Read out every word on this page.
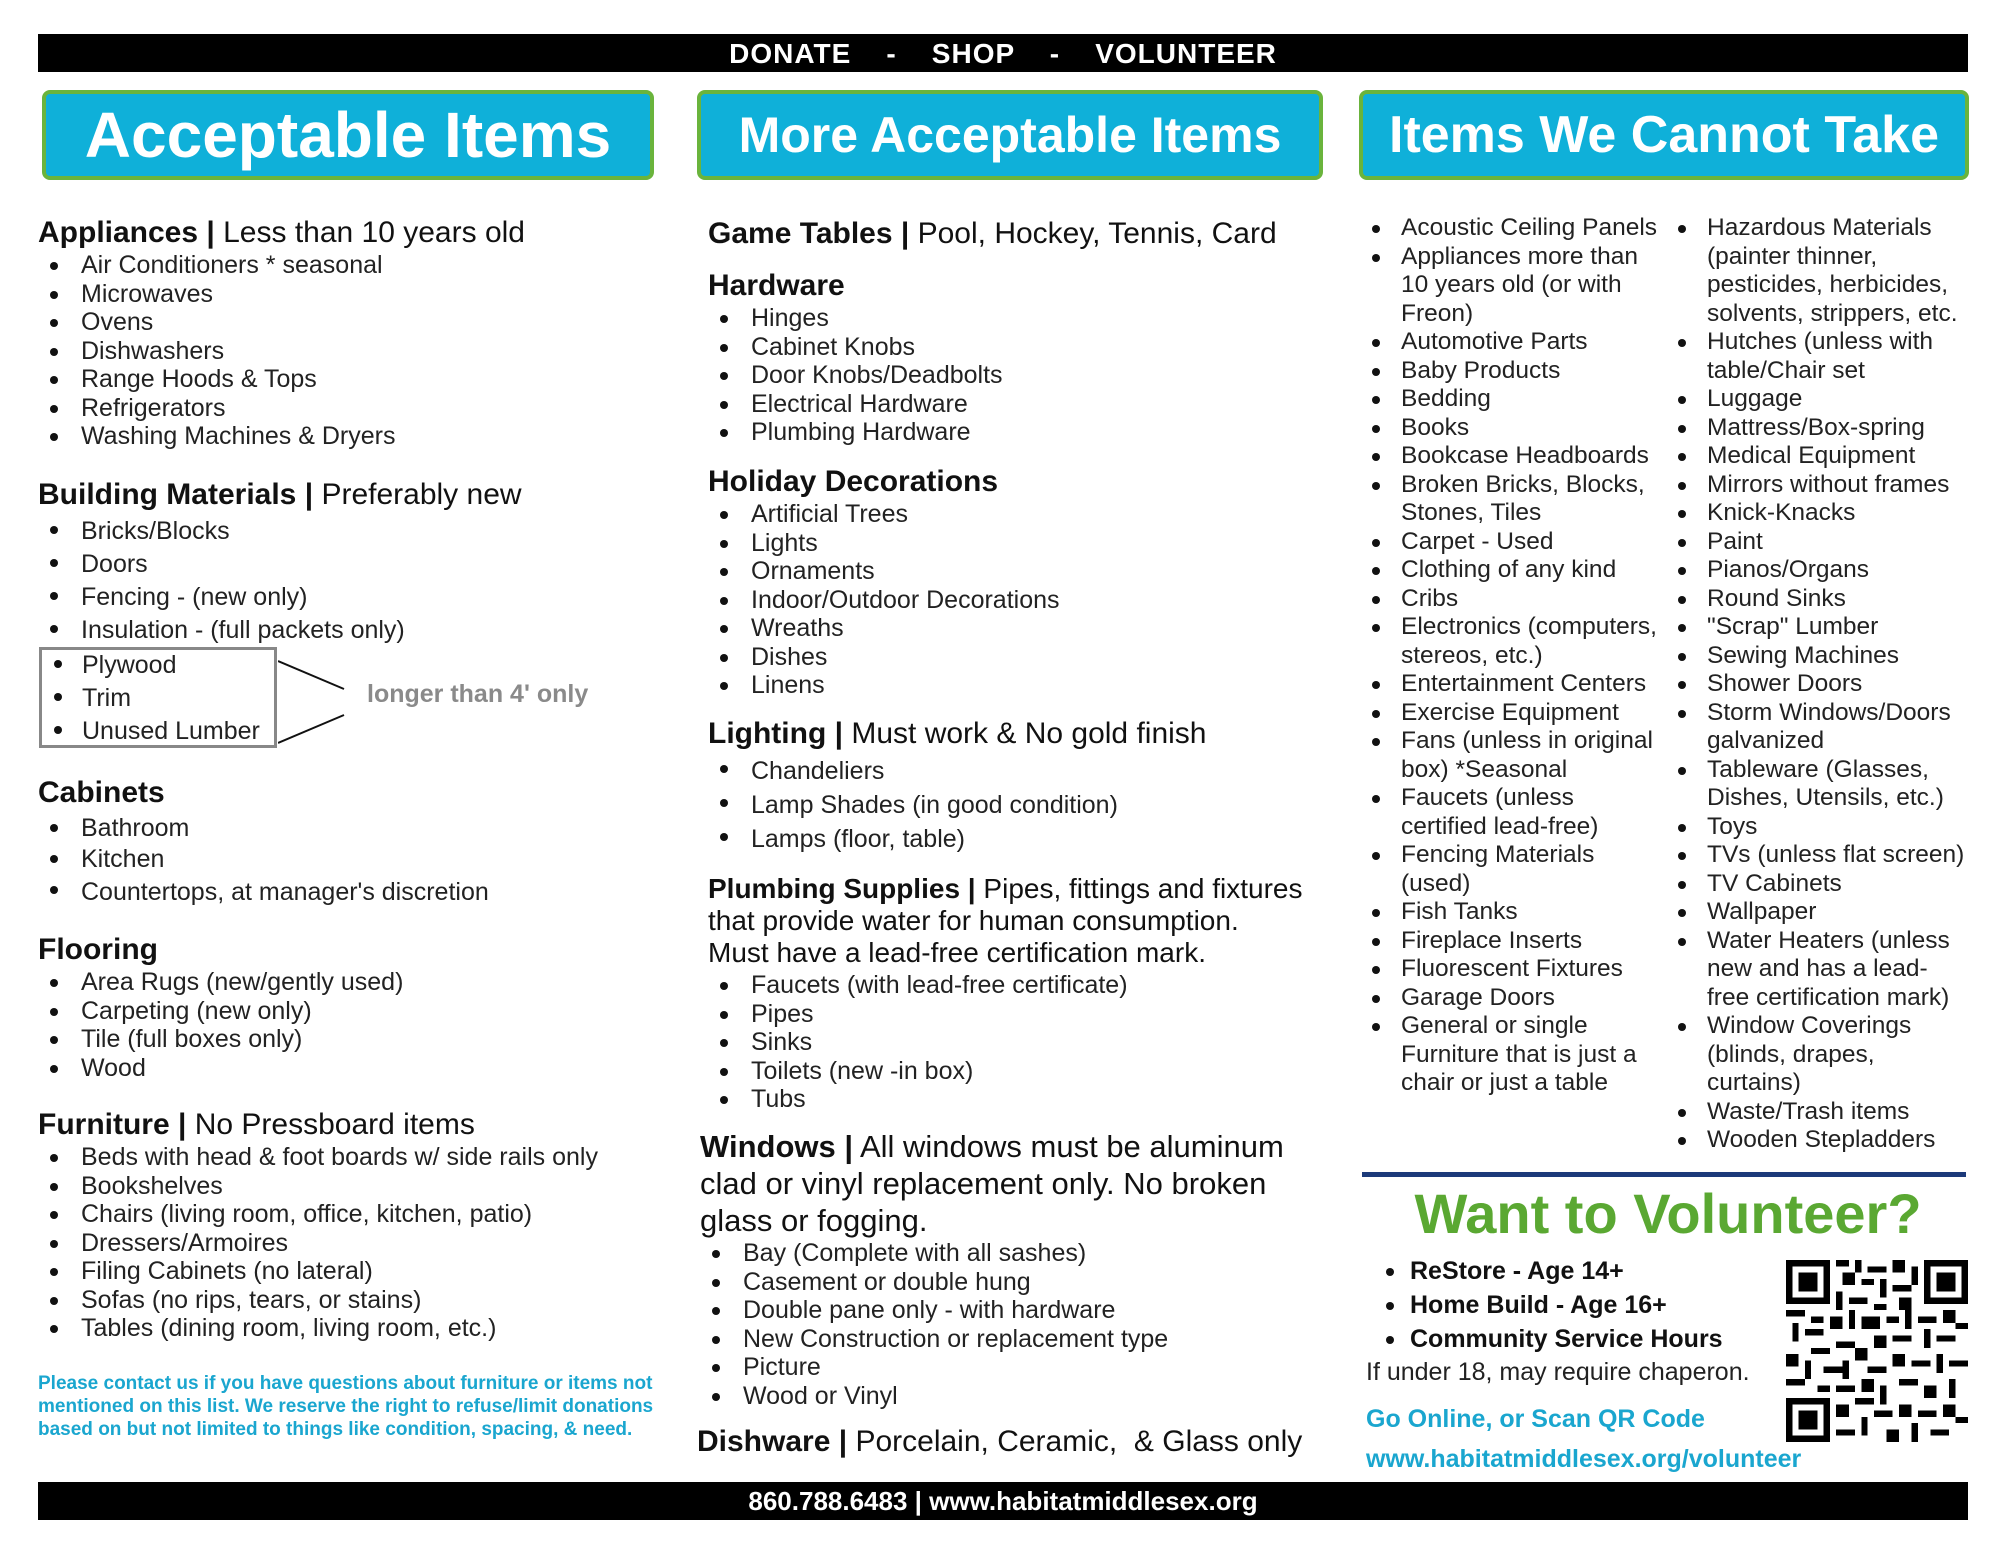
DONATE    -    SHOP    -    VOLUNTEER
Acceptable Items	More Acceptable Items	Items We Cannot Take
Appliances | Less than 10 years old
Air Conditioners * seasonal
Microwaves
Ovens
Dishwashers
Range Hoods & Tops
Refrigerators
Washing Machines & Dryers
Building Materials | Preferably new
Bricks/Blocks
Doors
Fencing - (new only)
Insulation - (full packets only)
Plywood
Trim
Unused Lumber
longer than 4' only
Cabinets
Bathroom
Kitchen
Countertops, at manager's discretion
Flooring
Area Rugs (new/gently used)
Carpeting (new only)
Tile (full boxes only)
Wood
Furniture | No Pressboard items
Beds with head & foot boards w/ side rails only
Bookshelves
Chairs (living room, office, kitchen, patio)
Dressers/Armoires
Filing Cabinets (no lateral)
Sofas (no rips, tears, or stains)
Tables (dining room, living room, etc.)
Please contact us if you have questions about furniture or items not mentioned on this list. We reserve the right to refuse/limit donations based on but not limited to things like condition, spacing, & need.
Game Tables | Pool, Hockey, Tennis, Card
Hardware
Hinges
Cabinet Knobs
Door Knobs/Deadbolts
Electrical Hardware
Plumbing Hardware
Holiday Decorations
Artificial Trees
Lights
Ornaments
Indoor/Outdoor Decorations
Wreaths
Dishes
Linens
Lighting | Must work & No gold finish
Chandeliers
Lamp Shades (in good condition)
Lamps (floor, table)
Plumbing Supplies | Pipes, fittings and fixtures
that provide water for human consumption.
Must have a lead-free certification mark.
Faucets (with lead-free certificate)
Pipes
Sinks
Toilets (new -in box)
Tubs
Windows | All windows must be aluminum
clad or vinyl replacement only. No broken
glass or fogging.
Bay (Complete with all sashes)
Casement or double hung
Double pane only - with hardware
New Construction or replacement type
Picture
Wood or Vinyl
Dishware | Porcelain, Ceramic,  & Glass only
Acoustic Ceiling Panels
Appliances more than
10 years old (or with
Freon)
Automotive Parts
Baby Products
Bedding
Books
Bookcase Headboards
Broken Bricks, Blocks,
Stones, Tiles
Carpet - Used
Clothing of any kind
Cribs
Electronics (computers,
stereos, etc.)
Entertainment Centers
Exercise Equipment
Fans (unless in original
box) *Seasonal
Faucets (unless
certified lead-free)
Fencing Materials
(used)
Fish Tanks
Fireplace Inserts
Fluorescent Fixtures
Garage Doors
General or single
Furniture that is just a
chair or just a table
Hazardous Materials
(painter thinner,
pesticides, herbicides,
solvents, strippers, etc.
Hutches (unless with
table/Chair set
Luggage
Mattress/Box-spring
Medical Equipment
Mirrors without frames
Knick-Knacks
Paint
Pianos/Organs
Round Sinks
"Scrap" Lumber
Sewing Machines
Shower Doors
Storm Windows/Doors
galvanized
Tableware (Glasses,
Dishes, Utensils, etc.)
Toys
TVs (unless flat screen)
TV Cabinets
Wallpaper
Water Heaters (unless
new and has a lead-
free certification mark)
Window Coverings
(blinds, drapes,
curtains)
Waste/Trash items
Wooden Stepladders
Want to Volunteer?
ReStore - Age 14+
Home Build - Age 16+
Community Service Hours
If under 18, may require chaperon.
Go Online, or Scan QR Code
www.habitatmiddlesex.org/volunteer
860.788.6483 | www.habitatmiddlesex.org
